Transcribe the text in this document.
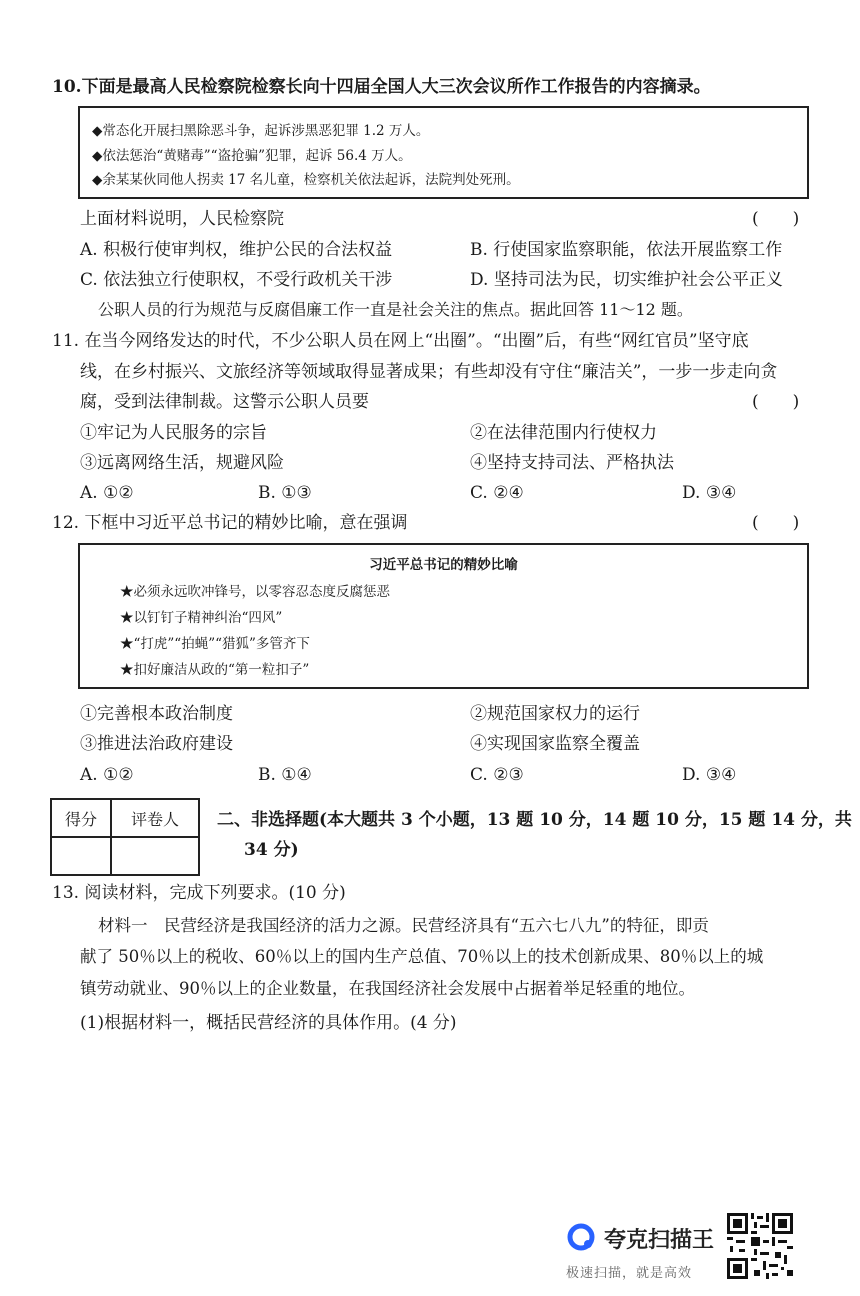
10.下面是最高人民检察院检察长向十四届全国人大三次会议所作工作报告的内容摘录。
◆常态化开展扫黑除恶斗争，起诉涉黑恶犯罪 1.2 万人。
◆依法惩治“黄赌毒”“盗抢骗”犯罪，起诉 56.4 万人。
◆余某某伙同他人拐卖 17 名儿童，检察机关依法起诉，法院判处死刑。
上面材料说明，人民检察院	(　　)
A. 积极行使审判权，维护公民的合法权益	B. 行使国家监察职能，依法开展监察工作
C. 依法独立行使职权，不受行政机关干涉	D. 坚持司法为民，切实维护社会公平正义
公职人员的行为规范与反腐倡廉工作一直是社会关注的焦点。据此回答 11～12 题。
11. 在当今网络发达的时代，不少公职人员在网上“出圈”。“出圈”后，有些“网红官员”坚守底
线，在乡村振兴、文旅经济等领域取得显著成果；有些却没有守住“廉洁关”，一步一步走向贪
腐，受到法律制裁。这警示公职人员要	(　　)
①牢记为人民服务的宗旨	②在法律范围内行使权力
③远离网络生活，规避风险	④坚持支持司法、严格执法
A. ①②	B. ①③	C. ②④	D. ③④
12. 下框中习近平总书记的精妙比喻，意在强调	(　　)
习近平总书记的精妙比喻
★必须永远吹冲锋号，以零容忍态度反腐惩恶
★以钉钉子精神纠治“四风”
★“打虎”“拍蝇”“猎狐”多管齐下
★扣好廉洁从政的“第一粒扣子”
①完善根本政治制度	②规范国家权力的运行
③推进法治政府建设	④实现国家监察全覆盖
A. ①②	B. ①④	C. ②③	D. ③④
得分	评卷人
	二、非选择题(本大题共 3 个小题，13 题 10 分，14 题 10 分，15 题 14 分，共
34 分)
13. 阅读材料，完成下列要求。(10 分)
材料一　民营经济是我国经济的活力之源。民营经济具有“五六七八九”的特征，即贡
献了 50％以上的税收、60％以上的国内生产总值、70％以上的技术创新成果、80％以上的城
镇劳动就业、90％以上的企业数量，在我国经济社会发展中占据着举足轻重的地位。
(1)根据材料一，概括民营经济的具体作用。(4 分)
夸克扫描王
极速扫描，就是高效
